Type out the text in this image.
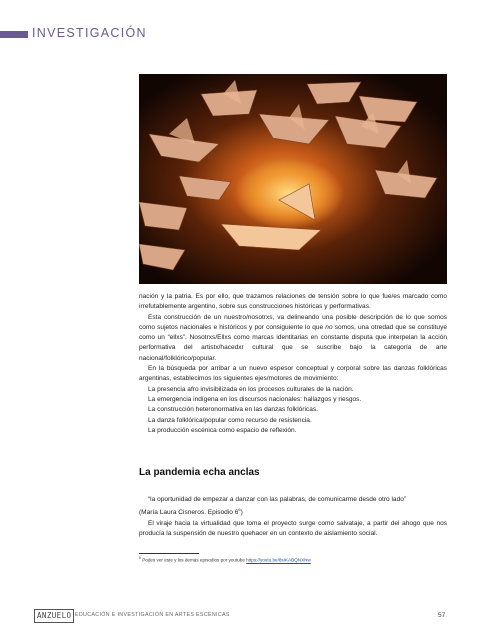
INVESTIGACIÓN

nación y la patria. Es por ello, que trazamos relaciones de tensión sobre lo que fue/es marcado como irrefutablemente argentino, sobre sus construcciones históricas y performativas.

Esta construcción de un nuestro/nosotrxs, va delineando una posible descripción de lo que somos como sujetos nacionales e históricos y por consiguiente lo que no somos, una otredad que se constituye como un “ellxs”. Nosotrxs/Ellxs como marcas identitarias en constante disputa que interpelan la acción performativa del artistx/hacedxr cultural que se suscribe bajo la categoría de arte nacional/folklórico/popular.

En la búsqueda por arribar a un nuevo espesor conceptual y corporal sobre las danzas folklóricas argentinas, establecimos los siguientes ejes/motores de movimiento:

La presencia afro invisibilizada en los procesos culturales de la nación.

La emergencia indígena en los discursos nacionales: hallazgos y riesgos.

La construcción heteronormativa en las danzas folklóricas.

La danza folklórica/popular como recurso de resistencia.

La producción escénica como espacio de reflexión.

La pandemia echa anclas

“la oportunidad de empezar a danzar con las palabras, de comunicarme desde otro lado”

(María Laura Cisneros. Episodio $6^6$)

El viraje hacia la virtualidad que toma el proyecto surge como salvataje, a partir del ahogo que nos producía la suspensión de nuestro quehacer en un contexto de aislamiento social.

$^6$ Podes ver este y los demás episodios por youtube https://youtu.be/8sIKABQNXNw
ANZUELO EDUCACIÓN E INVESTIGACIÓN EN ARTES ESCÉNICAS	57
